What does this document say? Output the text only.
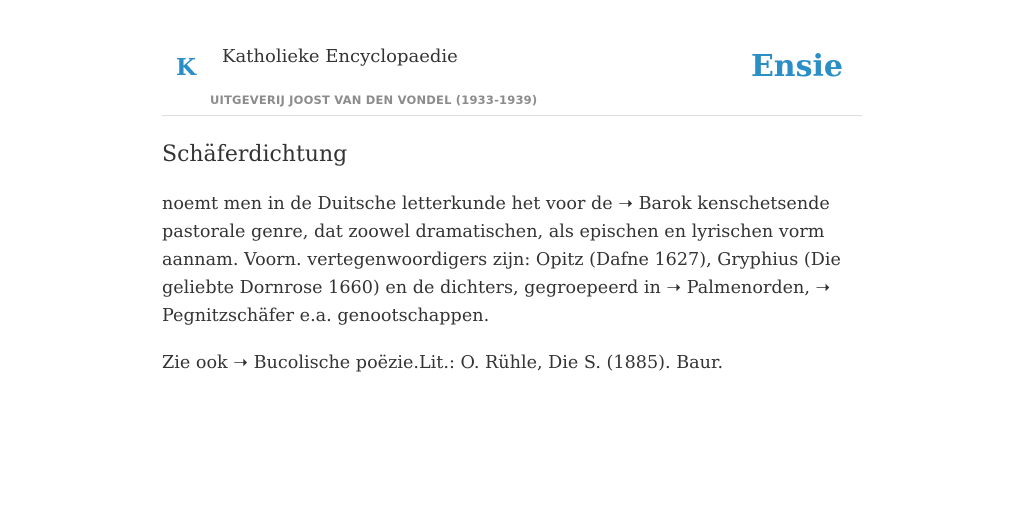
K Katholieke Encyclopaedie
UITGEVERIJ JOOST VAN DEN VONDEL (1933-1939)
Ensie
Schäferdichtung

noemt men in de Duitsche letterkunde het voor de ➝ Barok kenschetsende pastorale genre, dat zoowel dramatischen, als epischen en lyrischen vorm aannam. Voorn. vertegenwoordigers zijn: Opitz (Dafne 1627), Gryphius (Die geliebte Dornrose 1660) en de dichters, gegroepeerd in ➝ Palmenorden, ➝ Pegnitzschäfer e.a. genootschappen.

Zie ook ➝ Bucolische poëzie.Lit.: O. Rühle, Die S. (1885). Baur.
